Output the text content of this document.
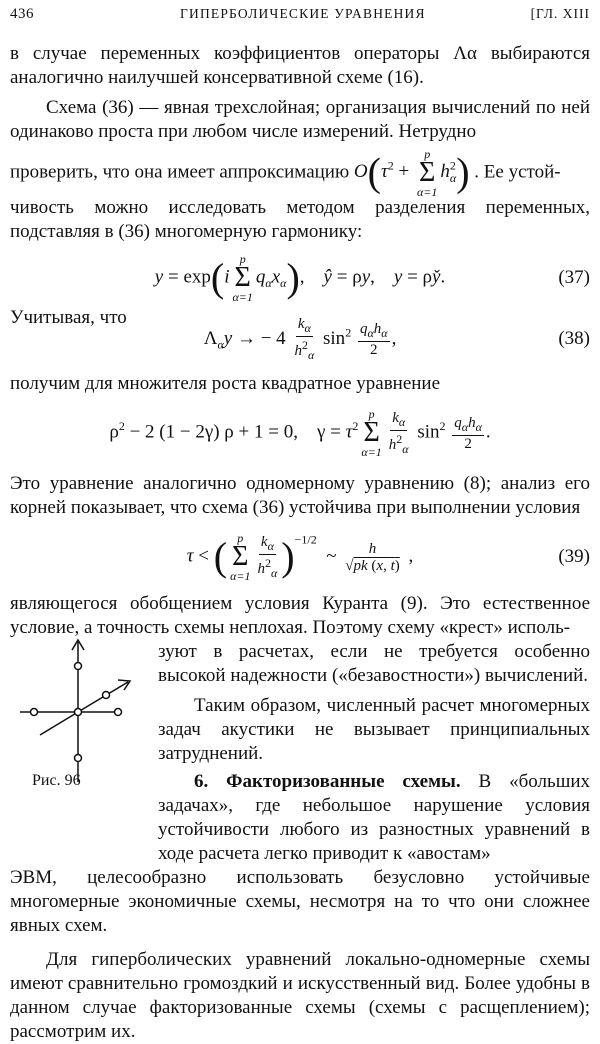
436	ГИПЕРБОЛИЧЕСКИЕ УРАВНЕНИЯ	[ГЛ. XIII

в случае переменных коэффициентов операторы Λα выбираются аналогично наилучшей консервативной схеме (16).

Схема (36) — явная трехслойная; организация вычислений по ней одинаково проста при любом числе измерений. Нетрудно

проверить, что она имеет аппроксимацию $O(\tau^2$ +
p
Σ
α=1
$h^2_\alpha$) . Ее устой-

чивость можно исследовать методом разделения переменных, подставляя в (36) многомерную гармонику:

y = exp(i
p
Σ
α=1
$q_\alpha x_\alpha$),    ŷ = ρy,    y = ρy̌.	(37)

Учитывая, что

$\Lambda_\alpha y$ → − $4 \frac{k_\alpha}{h^2_\alpha} \sin^2 \frac{q_\alpha h_\alpha}{2}$ ,	(38)

получим для множителя роста квадратное уравнение

$\rho^2 - 2$ (1 − 2γ) ρ + 1 = 0,    $\gamma = \tau^2$
p
Σ
$\alpha=1 \frac{k_\alpha}{h^2_\alpha} \sin^2 \frac{q_\alpha h_\alpha}{2}$ .

Это уравнение аналогично одномерному уравнению (8); анализ его корней показывает, что схема (36) устойчива при выполнении условия

τ < ( p
Σ
$\alpha=1 \frac{k_\alpha}{h^2_\alpha} )^{-1/2}$  ~ $\frac{h}{√pk (x, t)}$ ,	(39)

являющегося обобщением условия Куранта (9). Это естественное условие, а точность схемы неплохая. Поэтому схему «крест» исполь-

зуют в расчетах, если не требуется особенно высокой надежности («безавостности») вычислений.

Таким образом, численный расчет многомерных задач акустики не вызывает принципиальных затруднений.

6. Факторизованные схемы. В «больших задачах», где небольшое нарушение условия устойчивости любого из разностных уравнений в ходе расчета легко приводит к «авостам»

ЭВМ, целесообразно использовать безусловно устойчивые многомерные экономичные схемы, несмотря на то что они сложнее явных схем.

Для гиперболических уравнений локально-одномерные схемы имеют сравнительно громоздкий и искусственный вид. Более удобны в данном случае факторизованные схемы (схемы с расщеплением); рассмотрим их.

Рис. 96
